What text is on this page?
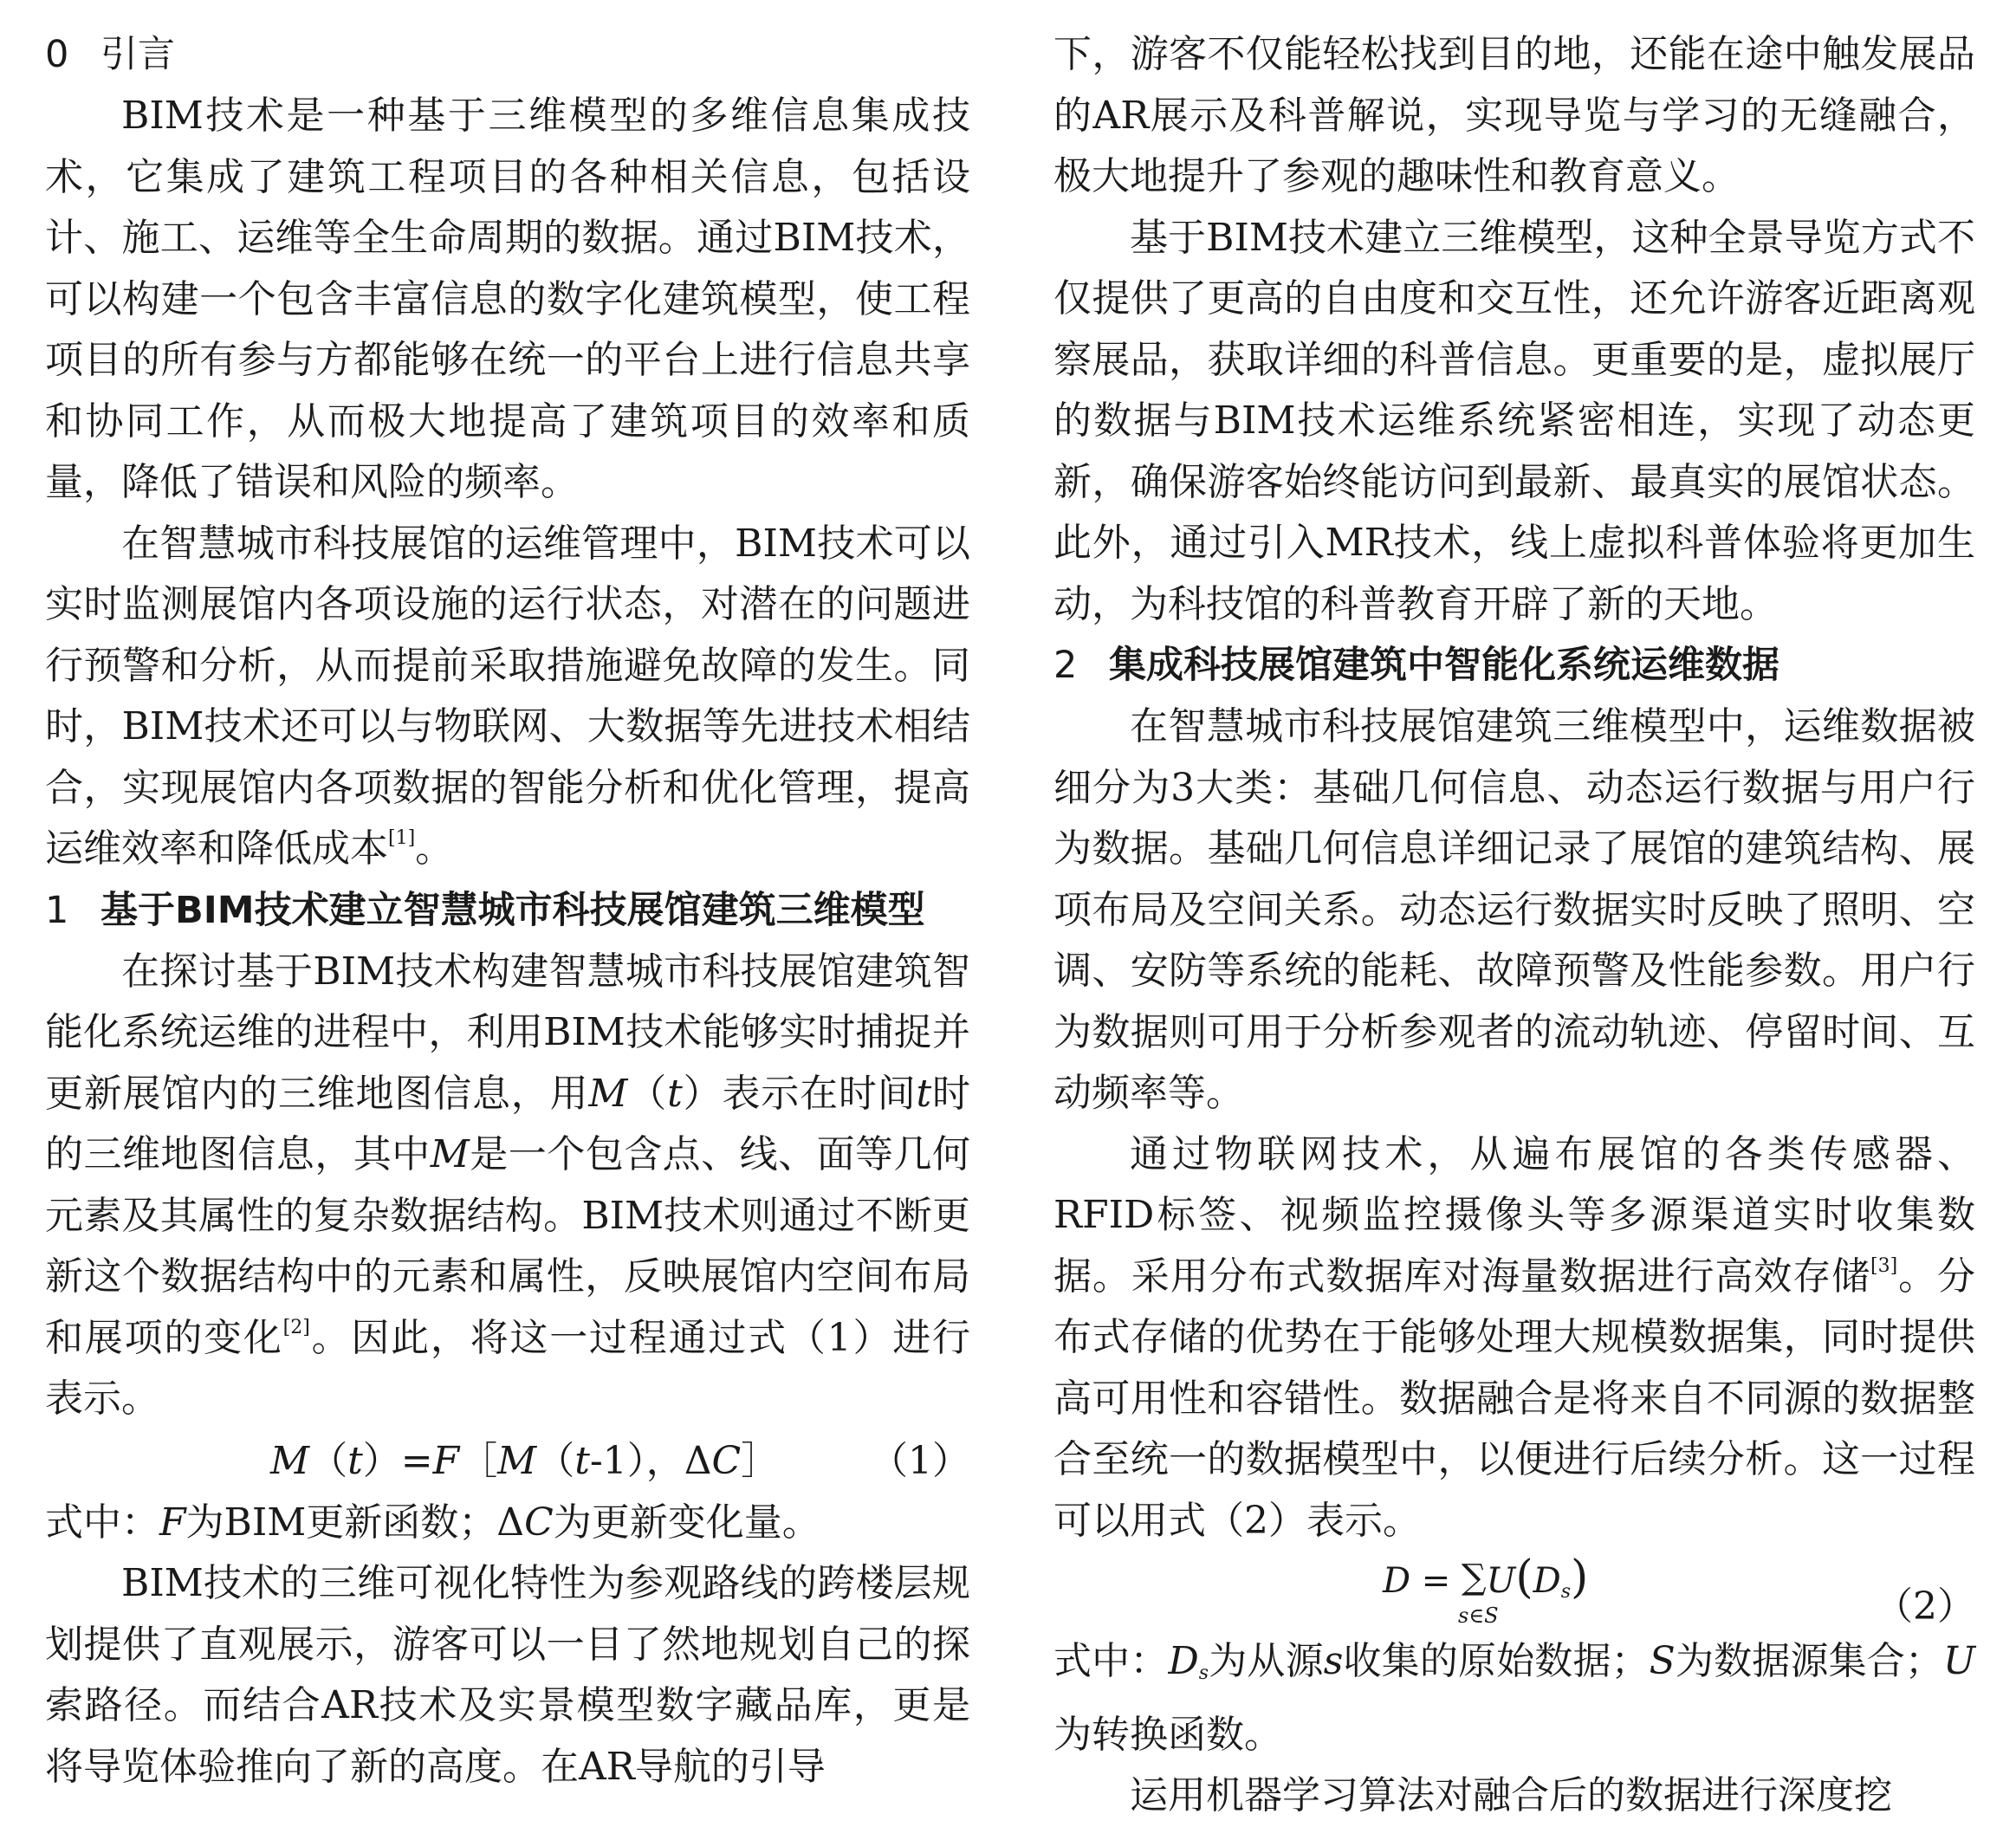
0 引言

BIM技术是一种基于三维模型的多维信息集成技术，它集成了建筑工程项目的各种相关信息，包括设计、施工、运维等全生命周期的数据。通过BIM技术，可以构建一个包含丰富信息的数字化建筑模型，使工程项目的所有参与方都能够在统一的平台上进行信息共享和协同工作，从而极大地提高了建筑项目的效率和质量，降低了错误和风险的频率。

在智慧城市科技展馆的运维管理中，BIM技术可以实时监测展馆内各项设施的运行状态，对潜在的问题进行预警和分析，从而提前采取措施避免故障的发生。同时，BIM技术还可以与物联网、大数据等先进技术相结合，实现展馆内各项数据的智能分析和优化管理，提高运维效率和降低成本[1]。

1 基于BIM技术建立智慧城市科技展馆建筑三维模型

在探讨基于BIM技术构建智慧城市科技展馆建筑智能化系统运维的进程中，利用BIM技术能够实时捕捉并更新展馆内的三维地图信息，用M（t）表示在时间t时的三维地图信息，其中M是一个包含点、线、面等几何元素及其属性的复杂数据结构。BIM技术则通过不断更新这个数据结构中的元素和属性，反映展馆内空间布局和展项的变化[2]。因此，将这一过程通过式（1）进行表示。

M（t）=F［M（t-1），ΔC］ （1）

式中：F为BIM更新函数；ΔC为更新变化量。

BIM技术的三维可视化特性为参观路线的跨楼层规划提供了直观展示，游客可以一目了然地规划自己的探索路径。而结合AR技术及实景模型数字藏品库，更是将导览体验推向了新的高度。在AR导航的引导

下，游客不仅能轻松找到目的地，还能在途中触发展品的AR展示及科普解说，实现导览与学习的无缝融合，极大地提升了参观的趣味性和教育意义。

基于BIM技术建立三维模型，这种全景导览方式不仅提供了更高的自由度和交互性，还允许游客近距离观察展品，获取详细的科普信息。更重要的是，虚拟展厅的数据与BIM技术运维系统紧密相连，实现了动态更新，确保游客始终能访问到最新、最真实的展馆状态。此外，通过引入MR技术，线上虚拟科普体验将更加生动，为科技馆的科普教育开辟了新的天地。

2 集成科技展馆建筑中智能化系统运维数据

在智慧城市科技展馆建筑三维模型中，运维数据被细分为3大类：基础几何信息、动态运行数据与用户行为数据。基础几何信息详细记录了展馆的建筑结构、展项布局及空间关系。动态运行数据实时反映了照明、空调、安防等系统的能耗、故障预警及性能参数。用户行为数据则可用于分析参观者的流动轨迹、停留时间、互动频率等。

通过物联网技术，从遍布展馆的各类传感器、RFID标签、视频监控摄像头等多源渠道实时收集数据。采用分布式数据库对海量数据进行高效存储[3]。分布式存储的优势在于能够处理大规模数据集，同时提供高可用性和容错性。数据融合是将来自不同源的数据整合至统一的数据模型中，以便进行后续分析。这一过程可以用式（2）表示。

D = ∑
s∈S
U(Ds)
（2）

式中：Ds为从源s收集的原始数据；S为数据源集合；U为转换函数。

运用机器学习算法对融合后的数据进行深度挖
